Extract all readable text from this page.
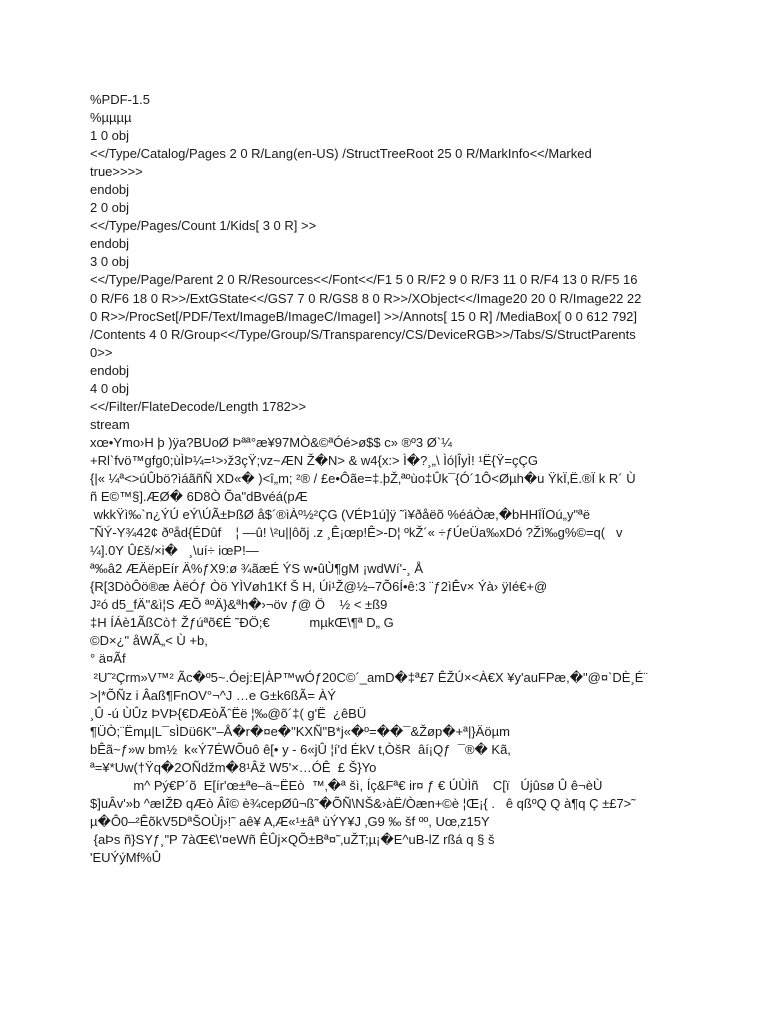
%PDF-1.5
%µµµµ
1 0 obj
<</Type/Catalog/Pages 2 0 R/Lang(en-US) /StructTreeRoot 25 0 R/MarkInfo<</Marked
true>>>>
endobj
2 0 obj
<</Type/Pages/Count 1/Kids[ 3 0 R] >>
endobj
3 0 obj
<</Type/Page/Parent 2 0 R/Resources<</Font<</F1 5 0 R/F2 9 0 R/F3 11 0 R/F4 13 0 R/F5 16
0 R/F6 18 0 R>>/ExtGState<</GS7 7 0 R/GS8 8 0 R>>/XObject<</Image20 20 0 R/Image22 22
0 R>>/ProcSet[/PDF/Text/ImageB/ImageC/ImageI] >>/Annots[ 15 0 R] /MediaBox[ 0 0 612 792]
/Contents 4 0 R/Group<</Type/Group/S/Transparency/CS/DeviceRGB>>/Tabs/S/StructParents
0>>
endobj
4 0 obj
<</Filter/FlateDecode/Length 1782>>
stream
xœ•Ymo›H þ )ÿa?BUoØ Þªª°æ¥97MÒ&©ªÓé>ø$$ c» ®º3 Ø`¼
+Rl`fvö™gfg0;ùÌÞ¼=¹>›ž3çŸ;vz~ÆN Ž�N> & w4{x:> Ì�?¸„\ Ìó|ÎyÌ! ¹Ë{Ÿ=çÇG
{|« ¼ª<>úÛbö?ìáãñÑ XD«� )<î„m; ²® / £e•Ôãe=‡.þŽ‚ªºùo‡Ûk¯{Ó´1Ô<Øµh�u ŸkÏ‚Ë.®Ï k R´ Ù
ñ E©™§].ÆØ� 6D8Ò Õa"dBvéá(pÆ
wkkŸì‰`n¿ÝÚ eÝ\ÚÃ±ÞßØ å$´®ìÀº½²ÇG (VÉÞ1ú]ÿ ˜ì¥ðåëõ %éáÒæ,�bHHîÏOú„y"ªë
˜ÑÝ-Y¾42¢ ðºåd{ÉDûf    ¦ —û! \²u||ôõj .z ¸Ê¡œp!Ê>-D¦ ºkŽ´« ÷ƒÚeÜa‰xDó ?Žì‰g%©=q(   v
¼].0Y Û£š/×i�   ¸\uí÷ iœP!—
ª‰â2 ÆÄëpEír Ä%ƒX9:ø ¾ãæÉ ÝS w•ûÙ¶gM ¡wdWí'-¸ Å
{R[3DòÔö®æ ÀëÓƒ Òö YÌVøh1Kf Š H, Úi¹Ž@½–7Õ6Í•ê:3 ¨ƒ2ìÊv× Ýà› ÿIé€+@
J²ó d5_fÄ"&ì¦S ÆÕ ªºÄ}&ªh�›¬öv ƒ@ Ö    ½ < ±ß9
‡H ÍÁè1ÃßCò† Žƒúªõ€É ˜ÐÖ;€           mµkŒ\¶ª D„ G
©D×¿" åWÃ„< Ù +b,
° ä¤Ãf
²U˜²Çrm»V™² Ãc�º5~.Óej:E|ÀP™wÓƒ20C©´_amD�‡ª£7 ÊŽÚ×<À€X ¥y'auFPæ,�"@¤`DÈ¸É¨
>|*ÕÑz i Âaß¶FnOV°¬^J …e G±k6ßÃ= ÀÝ
¸Û -ú ÙÛz ÞVÞ{€DÆòÃˆËë ¦‰@õ´‡( g'Ë  ¿êBÜ
¶ÜÒ;¨Ëmµ|L¯sÌDü6K"–Å�r�¤e�"KXÑ"B*j«�º=��¯&Žøp�+ª|}Äöµm
bÊã~ƒ»w bm½  k«Ý7ÉWÕuô ê[• y - 6«jÛ ¦í'd ÉkV t‚ÒšR  âí¡Qƒ  ¯®� Kã,
ª=¥*Uw(†Ÿq�2OÑdžm�8¹Âž W5'×…ÓÊ  £ Š}Yo
m^ Pý€P´õ  E[ír'œ±ªe–ä~ËEò  ™‚�ª šì, Íç&Fª€ ir¤ ƒ € ÚÙÌñ    C[ï   Újûsø Û ê¬èÙ
$]uÂv'»b ^æIŽÐ qÆò Âî© è¾cepØû¬ß˜�ÕÑ\NŠ&›àË/Òæn+©è ¦Œ¡{ .   ê qßºQ Q à¶q Ç ±£7>˜
µ�Ô0–²ÊõkV5DªŠOÙj›!˜ aê¥ A‚Æ«¹±âª ùÝY¥J ‚G9 ‰ šf ºº, Uœ‚z15Y
{aÞs ñ}SYƒ¸"P 7àŒ€\'¤eWñ ÊÛj×QÕ±Bª¤˜‚uŽT;µ¡�E^uB-lZ rßá q § š
'EUÝýMf%Û
